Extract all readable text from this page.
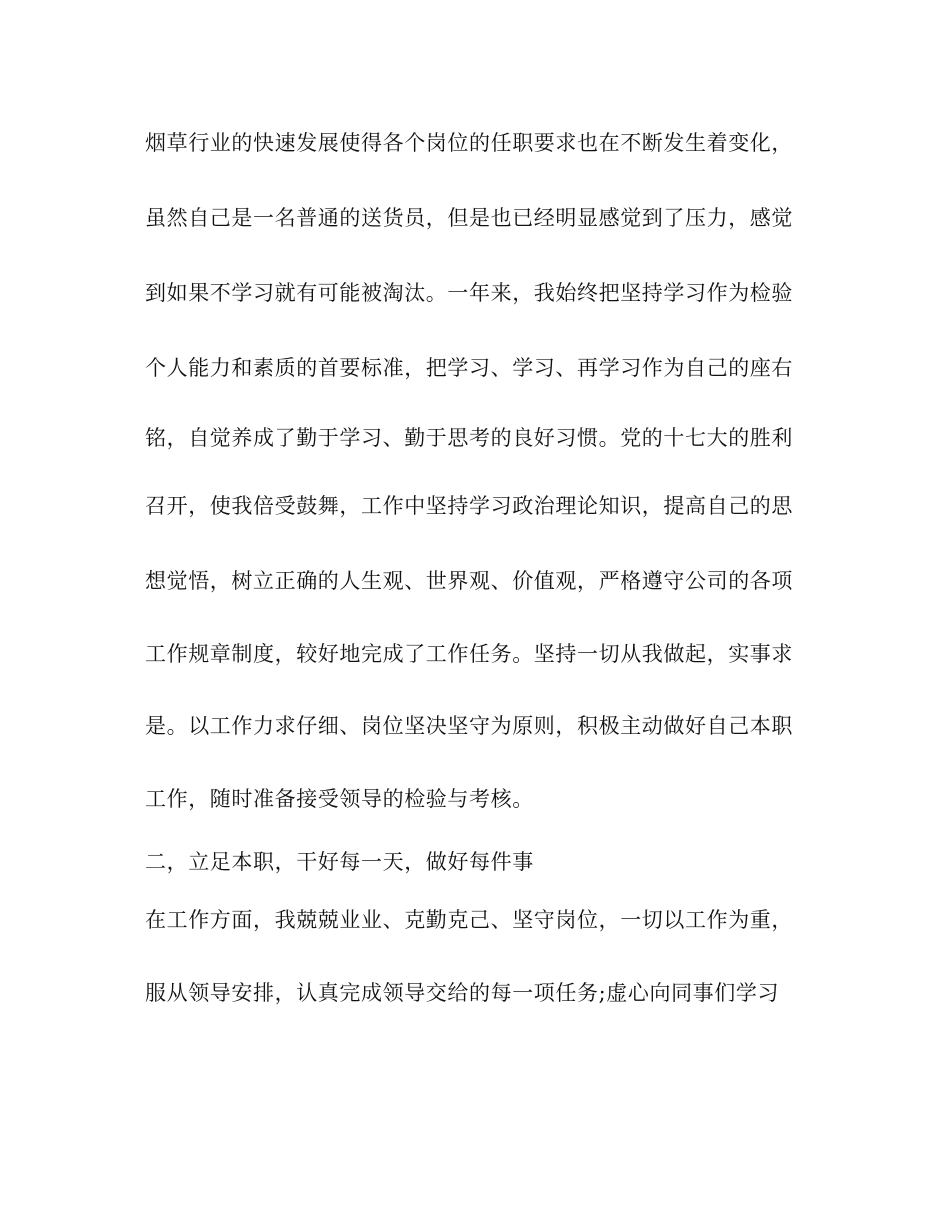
烟草行业的快速发展使得各个岗位的任职要求也在不断发生着变化，
虽然自己是一名普通的送货员，但是也已经明显感觉到了压力，感觉
到如果不学习就有可能被淘汰。一年来，我始终把坚持学习作为检验
个人能力和素质的首要标准，把学习、学习、再学习作为自己的座右
铭，自觉养成了勤于学习、勤于思考的良好习惯。党的十七大的胜利
召开，使我倍受鼓舞，工作中坚持学习政治理论知识，提高自己的思
想觉悟，树立正确的人生观、世界观、价值观，严格遵守公司的各项
工作规章制度，较好地完成了工作任务。坚持一切从我做起，实事求
是。以工作力求仔细、岗位坚决坚守为原则，积极主动做好自己本职
工作，随时准备接受领导的检验与考核。
二，立足本职，干好每一天，做好每件事
在工作方面，我兢兢业业、克勤克己、坚守岗位，一切以工作为重，
服从领导安排，认真完成领导交给的每一项任务;虚心向同事们学习
